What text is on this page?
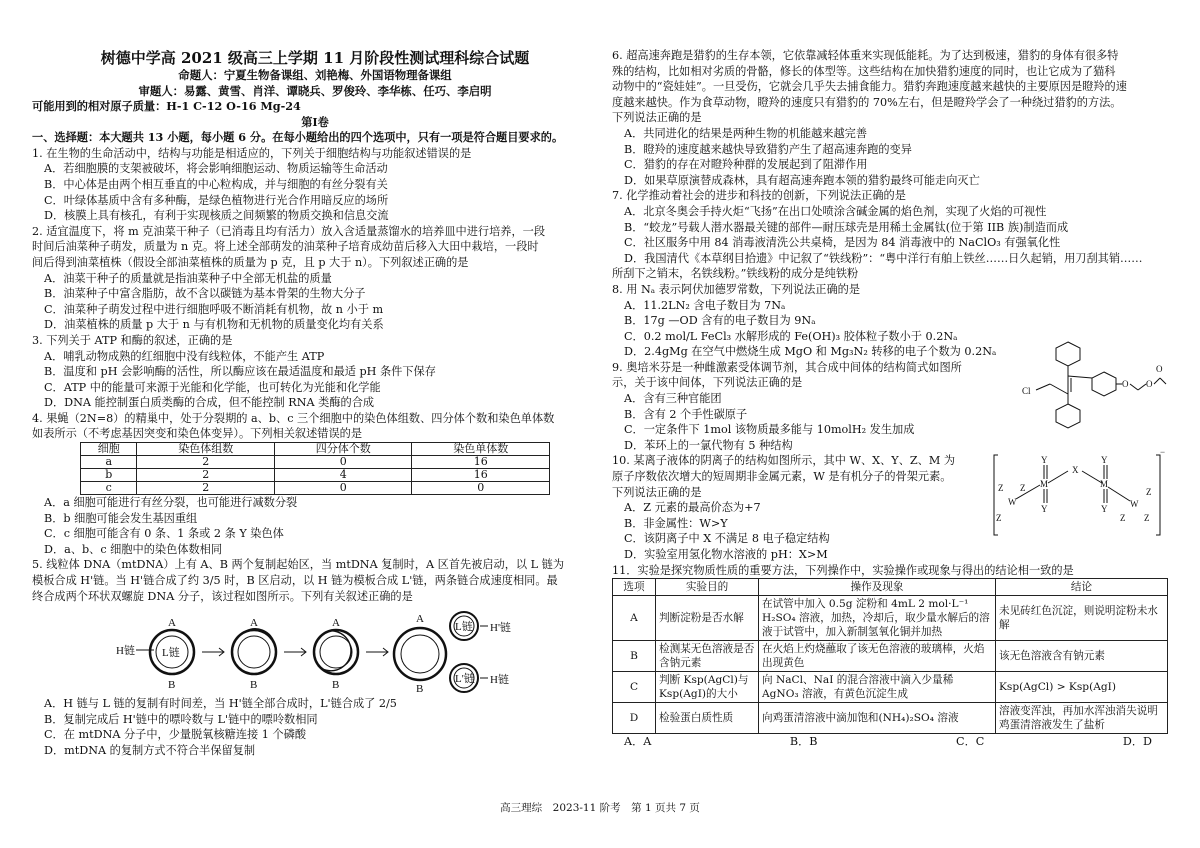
树德中学高 2021 级高三上学期 11 月阶段性测试理科综合试题

命题人：宁夏生物备课组、刘艳梅、外国语物理备课组

审题人：易露、黄雪、肖洋、谭晓兵、罗俊玲、李华栋、任巧、李启明

可能用到的相对原子质量：H-1 C-12 O-16 Mg-24

第Ⅰ卷

一、选择题：本大题共 13 小题，每小题 6 分。在每小题给出的四个选项中，只有一项是符合题目要求的。

1. 在生物的生命活动中，结构与功能是相适应的，下列关于细胞结构与功能叙述错误的是

A．若细胞膜的支架被破坏，将会影响细胞运动、物质运输等生命活动

B．中心体是由两个相互垂直的中心粒构成，并与细胞的有丝分裂有关

C．叶绿体基质中含有多种酶，是绿色植物进行光合作用暗反应的场所

D．核膜上具有核孔，有利于实现核质之间频繁的物质交换和信息交流

2. 适宜温度下，将 m 克油菜干种子（已消毒且均有活力）放入含适量蒸馏水的培养皿中进行培养，一段

时间后油菜种子萌发，质量为 n 克。将上述全部萌发的油菜种子培育成幼苗后移入大田中栽培，一段时

间后得到油菜植株（假设全部油菜植株的质量为 p 克，且 p 大于 n）。下列叙述正确的是

A．油菜干种子的质量就是指油菜种子中全部无机盐的质量

B．油菜种子中富含脂肪，故不含以碳链为基本骨架的生物大分子

C．油菜种子萌发过程中进行细胞呼吸不断消耗有机物，故 n 小于 m

D．油菜植株的质量 p 大于 n 与有机物和无机物的质量变化均有关系

3. 下列关于 ATP 和酶的叙述，正确的是

A．哺乳动物成熟的红细胞中没有线粒体，不能产生 ATP

B．温度和 pH 会影响酶的活性，所以酶应该在最适温度和最适 pH 条件下保存

C．ATP 中的能量可来源于光能和化学能，也可转化为光能和化学能

D．DNA 能控制蛋白质类酶的合成，但不能控制 RNA 类酶的合成

4. 果蝇（2N=8）的精巢中，处于分裂期的 a、b、c 三个细胞中的染色体组数、四分体个数和染色单体数

如表所示（不考虑基因突变和染色体变异）。下列相关叙述错误的是

细胞	染色体组数	四分体个数	染色单体数
a	2	0	16
b	2	4	16
c	2	0	0

A．a 细胞可能进行有丝分裂，也可能进行减数分裂

B．b 细胞可能会发生基因重组

C．c 细胞可能含有 0 条、1 条或 2 条 Y 染色体

D．a、b、c 细胞中的染色体数相同

5. 线粒体 DNA（mtDNA）上有 A、B 两个复制起始区，当 mtDNA 复制时，A 区首先被启动，以 L 链为

模板合成 H'链。当 H'链合成了约 3/5 时，B 区启动，以 H 链为模板合成 L'链，两条链合成速度相同。最

终合成两个环状双螺旋 DNA 分子，该过程如图所示。下列有关叙述正确的是

H链
A
B
L链
A
B
A
B
A
B
L链 H'链
L'链 H链

A．H 链与 L 链的复制有时间差，当 H'链全部合成时，L'链合成了 2/5

B．复制完成后 H'链中的嘌呤数与 L'链中的嘌呤数相同

C．在 mtDNA 分子中，少量脱氧核糖连接 1 个磷酸

D．mtDNA 的复制方式不符合半保留复制

6. 超高速奔跑是猎豹的生存本领，它依靠减轻体重来实现低能耗。为了达到极速，猎豹的身体有很多特

殊的结构，比如相对劣质的骨骼，修长的体型等。这些结构在加快猎豹速度的同时，也让它成为了猫科

动物中的“瓷娃娃”。一旦受伤，它就会几乎失去捕食能力。猎豹奔跑速度越来越快的主要原因是瞪羚的速

度越来越快。作为食草动物，瞪羚的速度只有猎豹的 70%左右，但是瞪羚学会了一种绕过猎豹的方法。

下列说法正确的是

A．共同进化的结果是两种生物的机能越来越完善

B．瞪羚的速度越来越快导致猎豹产生了超高速奔跑的变异

C．猎豹的存在对瞪羚种群的发展起到了阻滞作用

D．如果草原演替成森林，具有超高速奔跑本领的猎豹最终可能走向灭亡

7. 化学推动着社会的进步和科技的创新，下列说法正确的是

A．北京冬奥会手持火炬“飞扬”在出口处喷涂含碱金属的焰色剂，实现了火焰的可视性

B．“蛟龙”号载人潜水器最关键的部件—耐压球壳是用稀土金属钛(位于第 IIB 族)制造而成

C．社区服务中用 84 消毒液清洗公共桌椅，是因为 84 消毒液中的 NaClO₃ 有强氧化性

D．我国清代《本草纲目拾遗》中记叙了“铁线粉”：“粤中洋行有舶上铁丝……日久起销，用刀刮其销……

所刮下之销末，名铁线粉。”铁线粉的成分是纯铁粉

8. 用 Nₐ 表示阿伏加德罗常数，下列说法正确的是

A．11.2LN₂ 含电子数目为 7Nₐ

B．17g —OD 含有的电子数目为 9Nₐ

C．0.2 mol/L FeCl₃ 水解形成的 Fe(OH)₃ 胶体粒子数小于 0.2Nₐ

D．2.4gMg 在空气中燃烧生成 MgO 和 Mg₃N₂ 转移的电子个数为 0.2Nₐ

9. 奥培米芬是一种雌激素受体调节剂，其合成中间体的结构简式如图所

示，关于该中间体，下列说法正确的是

A．含有三种官能团

B．含有 2 个手性碳原子

C．一定条件下 1mol 该物质最多能与 10molH₂ 发生加成

D．苯环上的一氯代物有 5 种结构

Cl
O O
O

10. 某离子液体的阴离子的结构如图所示，其中 W、X、Y、Z、M 为

原子序数依次增大的短周期非金属元素，W 是有机分子的骨架元素。

下列说法正确的是

A．Z 元素的最高价态为+7

B．非金属性：W>Y

C．该阴离子中 X 不满足 8 电子稳定结构

D．实验室用氢化物水溶液的 pH：X>M

−
Y
M
Y
X
Y
M
Y
W
Z Z
Z
W
Z Z
Z

11．实验是探究物质性质的重要方法，下列操作中，实验操作或现象与得出的结论相一致的是

选项	实验目的	操作及现象	结论
A	判断淀粉是否水解	在试管中加入 0.5g 淀粉和 4mL 2 mol·L⁻¹ H₂SO₄ 溶液，加热，冷却后，取少量水解后的溶液于试管中，加入新制氢氧化铜并加热	未见砖红色沉淀，则说明淀粉未水解
B	检测某无色溶液是否含钠元素	在火焰上灼烧蘸取了该无色溶液的玻璃棒，火焰出现黄色	该无色溶液含有钠元素
C	判断 Ksp(AgCl)与 Ksp(AgI)的大小	向 NaCl、NaI 的混合溶液中滴入少量稀 AgNO₃ 溶液，有黄色沉淀生成	Ksp(AgCl) > Ksp(AgI)
D	检验蛋白质性质	向鸡蛋清溶液中滴加饱和(NH₄)₂SO₄ 溶液	溶液变浑浊，再加水浑浊消失说明鸡蛋清溶液发生了盐析
A．A	B．B	C．C	D．D
高三理综　2023-11 阶考　第 1 页共 7 页
